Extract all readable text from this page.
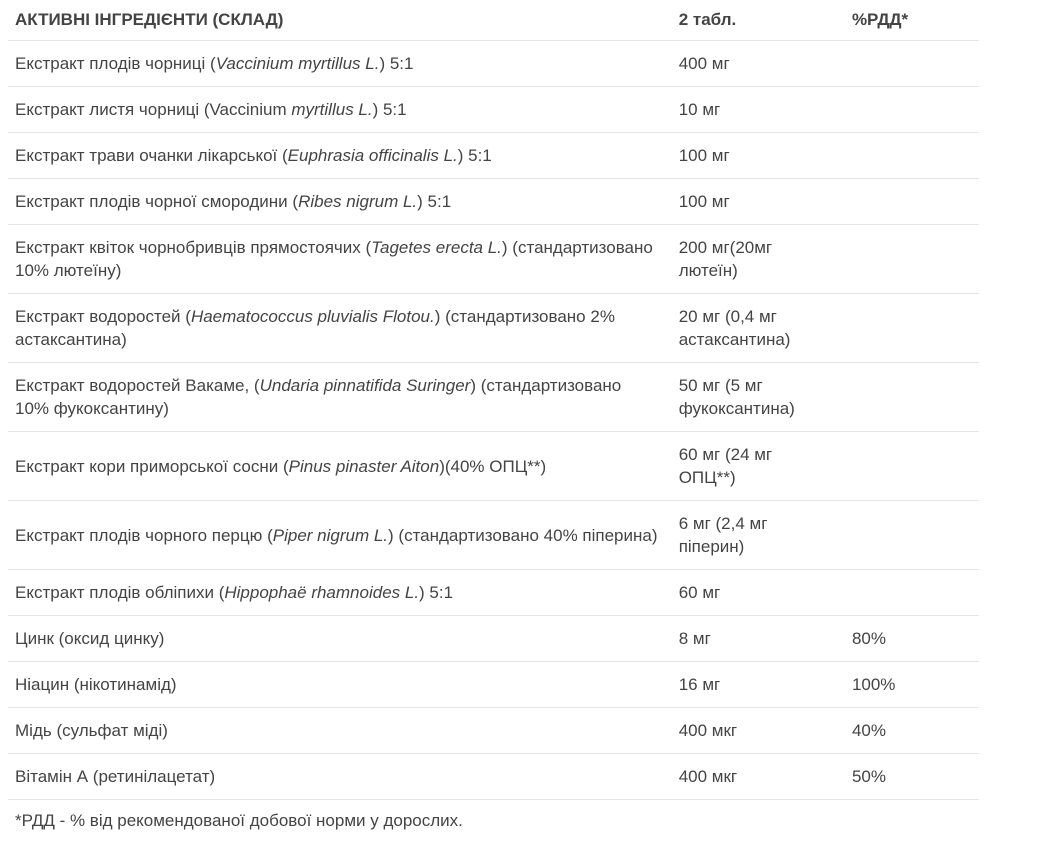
АКТИВНІ ІНГРЕДІЄНТИ (СКЛАД)	2 табл.	%РДД*
Екстракт плодів чорниці (Vaccinium myrtillus L.) 5:1	400 мг	
Екстракт листя чорниці (Vaccinium myrtillus L.) 5:1	10 мг	
Екстракт трави очанки лікарської (Euphrasia officinalis L.) 5:1	100 мг	
Екстракт плодів чорної смородини (Ribes nigrum L.) 5:1	100 мг	
Екстракт квіток чорнобривців прямостоячих (Tagetes erecta L.) (стандартизовано 10% лютеїну)	200 мг(20мг лютеїн)	
Екстракт водоростей (Haematococcus pluvialis Flotou.) (стандартизовано 2% астаксантина)	20 мг (0,4 мг астаксантина)	
Екстракт водоростей Вакаме, (Undaria pinnatifida Suringer) (стандартизовано 10% фукоксантину)	50 мг (5 мг фукоксантина)	
Екстракт кори приморської сосни (Pinus pinaster Aiton)(40% ОПЦ**)	60 мг (24 мг ОПЦ**)	
Екстракт плодів чорного перцю (Piper nigrum L.) (стандартизовано 40% піперина)	6 мг (2,4 мг піперин)	
Екстракт плодів обліпихи (Hippophaë rhamnoides L.) 5:1	60 мг	
Цинк (оксид цинку)	8 мг	80%
Ніацин (нікотинамід)	16 мг	100%
Мідь (сульфат міді)	400 мкг	40%
Вітамін А (ретинілацетат)	400 мкг	50%
*РДД - % від рекомендованої добової норми у дорослих.
